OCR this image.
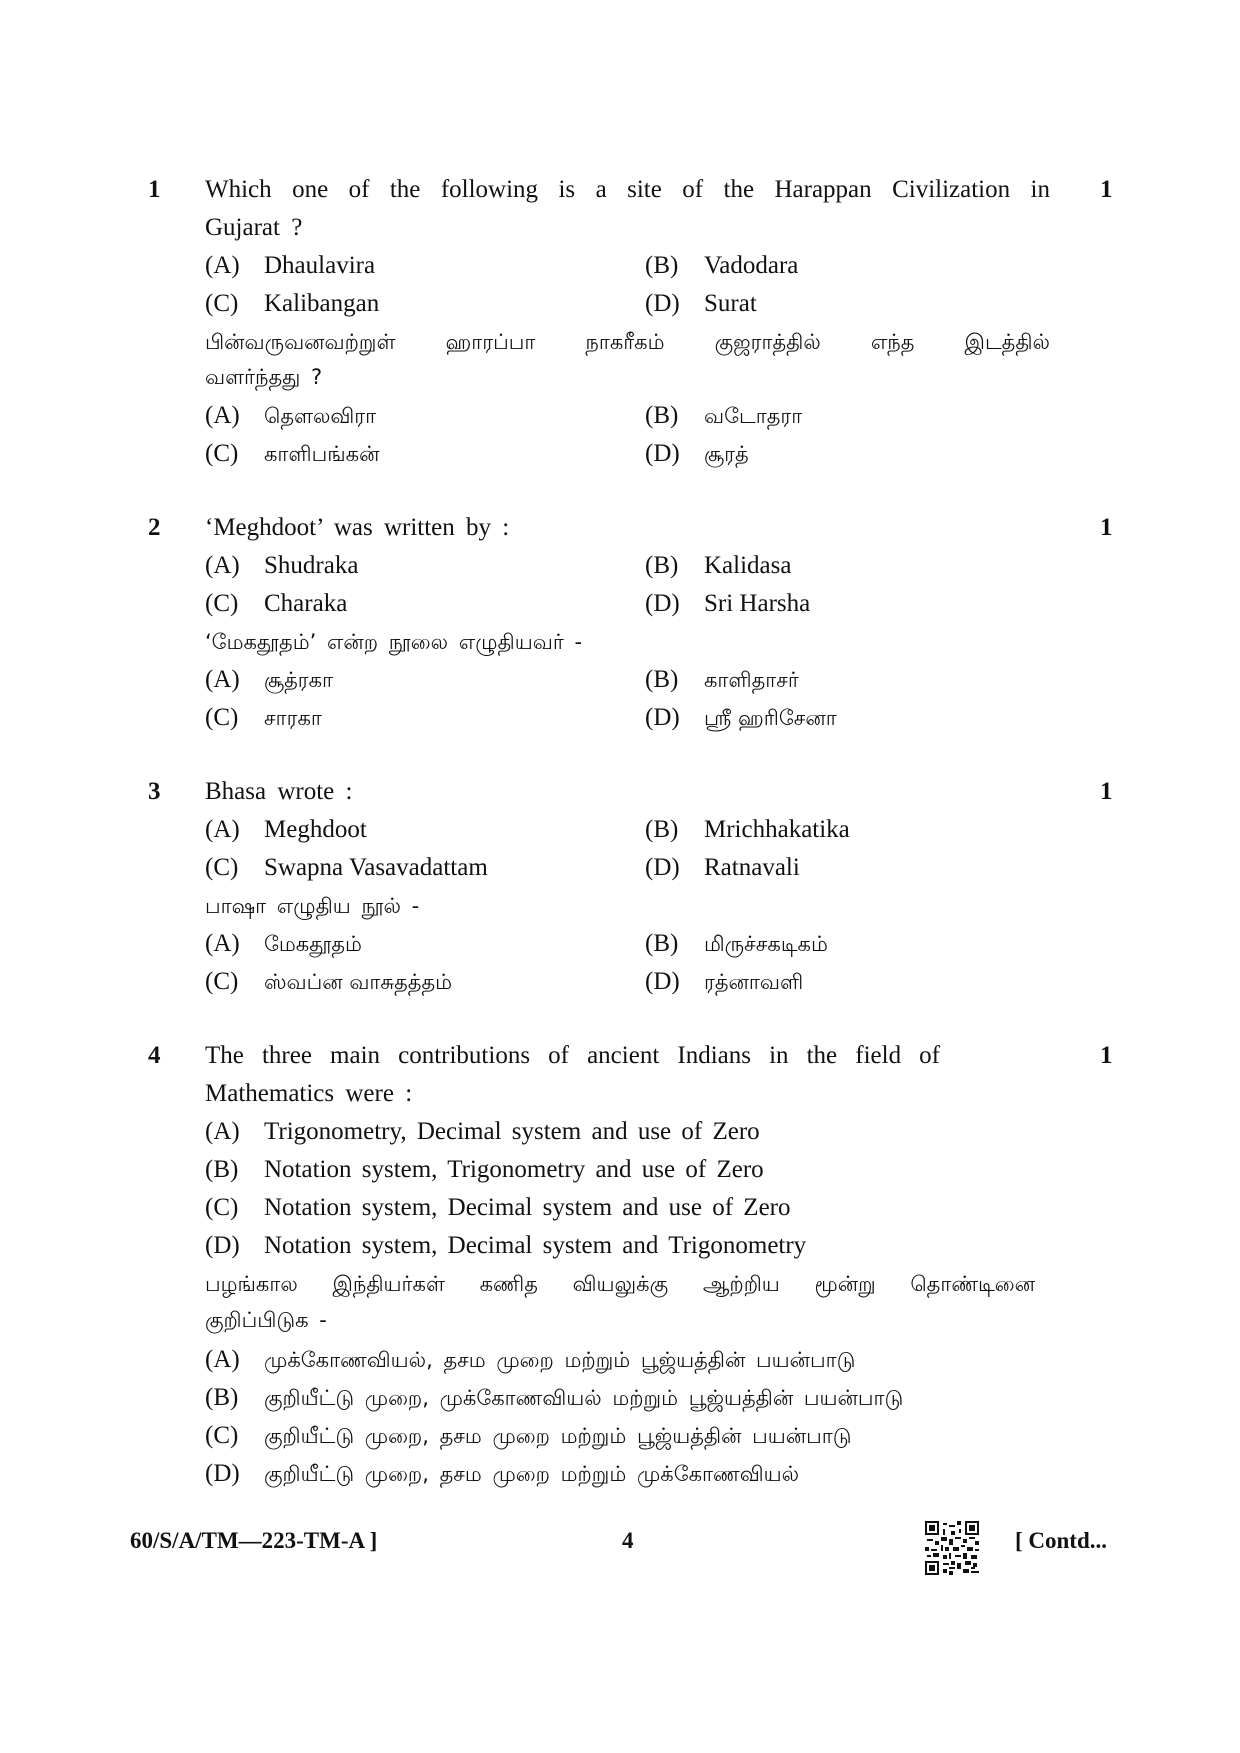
1	1
Which one of the following is a site of the Harappan Civilization in
Gujarat ?
(A) Dhaulavira	(B) Vadodara
(C) Kalibangan	(D) Surat
பின்வருவனவற்றுள் ஹாரப்பா நாகரீகம் குஜராத்தில் எந்த இடத்தில்
வளர்ந்தது ?
(A) தௌலவிரா	(B) வடோதரா
(C) காளிபங்கன்	(D) சூரத்
2	1
‘Meghdoot’ was written by :
(A) Shudraka	(B) Kalidasa
(C) Charaka	(D) Sri Harsha
‘மேகதூதம்’ என்ற நூலை எழுதியவர் -
(A) சூத்ரகா	(B) காளிதாசர்
(C) சாரகா	(D) ஸ்ரீ ஹரிசேனா
3	1
Bhasa wrote :
(A) Meghdoot	(B) Mrichhakatika
(C) Swapna Vasavadattam	(D) Ratnavali
பாஷா எழுதிய நூல் -
(A) மேகதூதம்	(B) மிருச்சகடிகம்
(C) ஸ்வப்ன வாசுதத்தம்	(D) ரத்னாவளி
4	1
The three main contributions of ancient Indians in the field of
Mathematics were :
(A) Trigonometry, Decimal system and use of Zero
(B) Notation system, Trigonometry and use of Zero
(C) Notation system, Decimal system and use of Zero
(D) Notation system, Decimal system and Trigonometry
பழங்கால இந்தியர்கள் கணித வியலுக்கு ஆற்றிய மூன்று தொண்டினை
குறிப்பிடுக -
(A) முக்கோணவியல், தசம முறை மற்றும் பூஜ்யத்தின் பயன்பாடு
(B) குறியீட்டு முறை, முக்கோணவியல் மற்றும் பூஜ்யத்தின் பயன்பாடு
(C) குறியீட்டு முறை, தசம முறை மற்றும் பூஜ்யத்தின் பயன்பாடு
(D) குறியீட்டு முறை, தசம முறை மற்றும் முக்கோணவியல்
60/S/A/TM—223-TM-A ]	4	[ Contd...
